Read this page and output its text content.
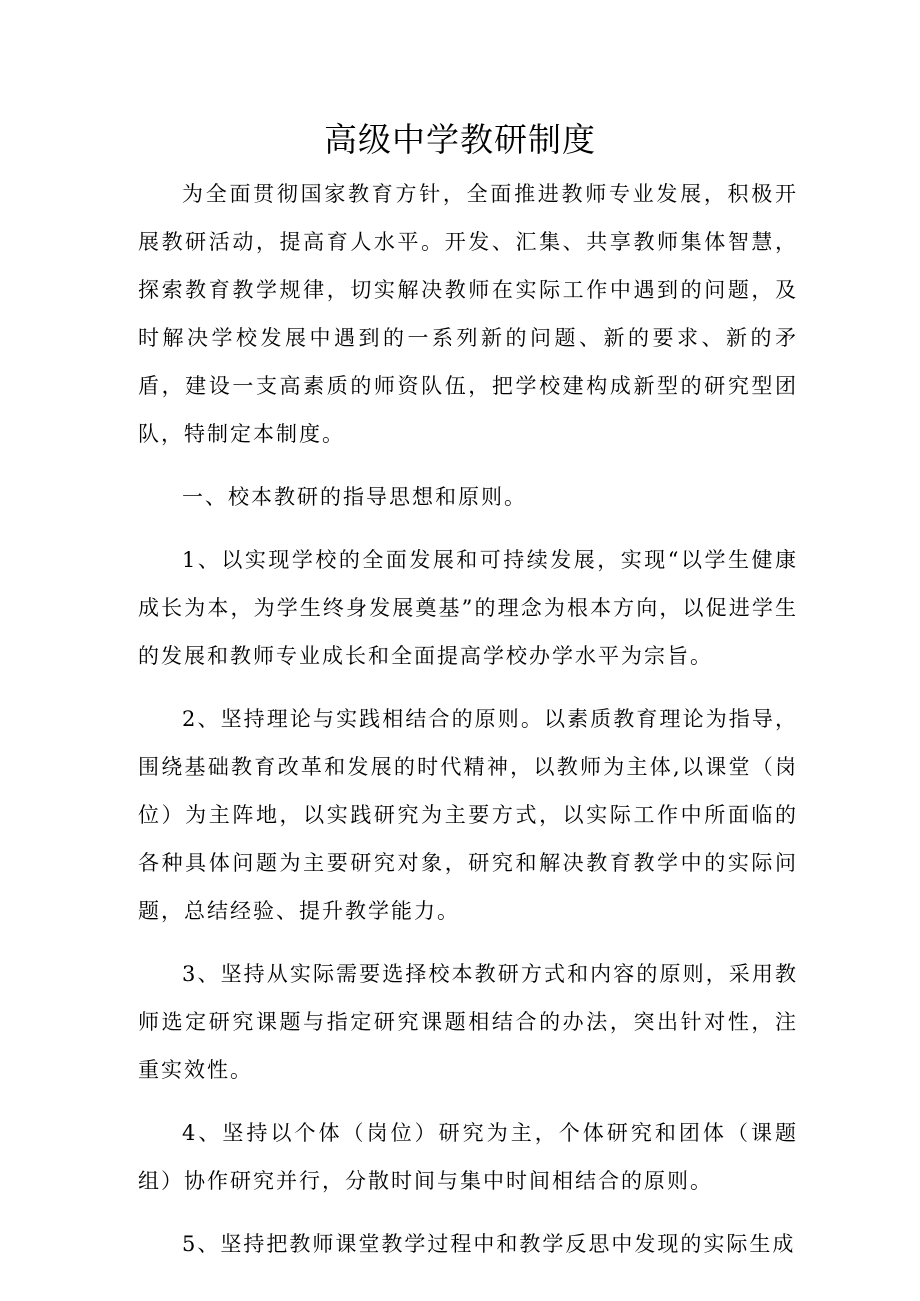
高级中学教研制度

为全面贯彻国家教育方针，全面推进教师专业发展，积极开展教研活动，提高育人水平。开发、汇集、共享教师集体智慧，探索教育教学规律，切实解决教师在实际工作中遇到的问题，及时解决学校发展中遇到的一系列新的问题、新的要求、新的矛盾，建设一支高素质的师资队伍，把学校建构成新型的研究型团队，特制定本制度。

一、校本教研的指导思想和原则。

1、以实现学校的全面发展和可持续发展，实现“以学生健康成长为本，为学生终身发展奠基”的理念为根本方向，以促进学生的发展和教师专业成长和全面提高学校办学水平为宗旨。

2、坚持理论与实践相结合的原则。以素质教育理论为指导，围绕基础教育改革和发展的时代精神，以教师为主体,以课堂（岗位）为主阵地，以实践研究为主要方式，以实际工作中所面临的各种具体问题为主要研究对象，研究和解决教育教学中的实际问题，总结经验、提升教学能力。

3、坚持从实际需要选择校本教研方式和内容的原则，采用教师选定研究课题与指定研究课题相结合的办法，突出针对性，注重实效性。

4、坚持以个体（岗位）研究为主，个体研究和团体（课题组）协作研究并行，分散时间与集中时间相结合的原则。

5、坚持把教师课堂教学过程中和教学反思中发现的实际生成
